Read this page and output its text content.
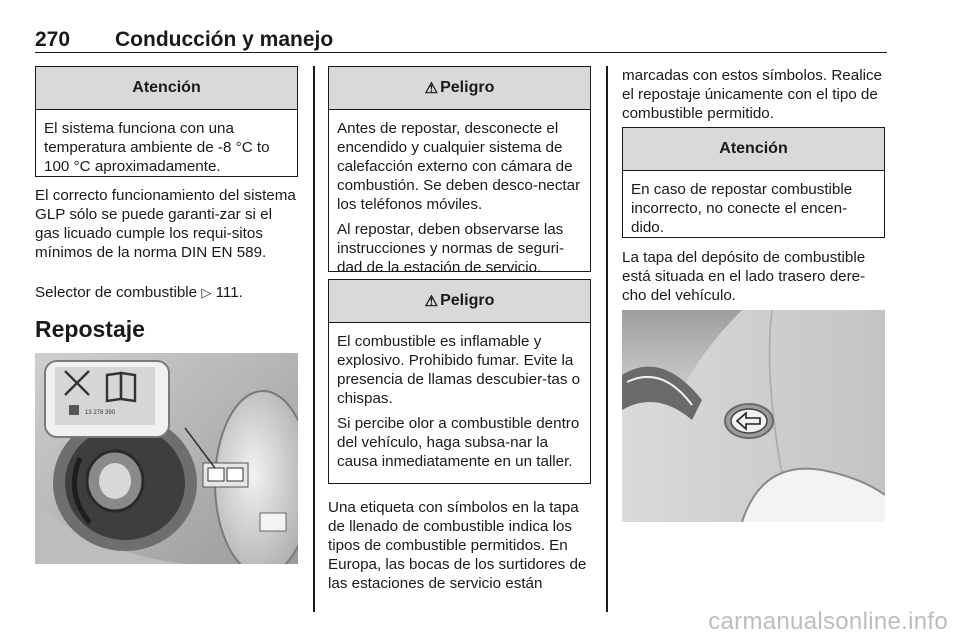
270 Conducción y manejo
Atención

El sistema funciona con una temperatura ambiente de -8 °C to 100 °C aproximadamente.

El correcto funcionamiento del sistema GLP sólo se puede garanti-zar si el gas licuado cumple los requi-sitos mínimos de la norma DIN EN 589.

Selector de combustible ▷ 111.

Repostaje
13 278 390
⚠ Peligro

Antes de repostar, desconecte el encendido y cualquier sistema de calefacción externo con cámara de combustión. Se deben desco-nectar los teléfonos móviles.

Al repostar, deben observarse las instrucciones y normas de seguri-dad de la estación de servicio.

⚠ Peligro

El combustible es inflamable y explosivo. Prohibido fumar. Evite la presencia de llamas descubier-tas o chispas.

Si percibe olor a combustible dentro del vehículo, haga subsa-nar la causa inmediatamente en un taller.

Una etiqueta con símbolos en la tapa de llenado de combustible indica los tipos de combustible permitidos. En Europa, las bocas de los surtidores de las estaciones de servicio están

marcadas con estos símbolos. Realice el repostaje únicamente con el tipo de combustible permitido.

Atención

En caso de repostar combustible incorrecto, no conecte el encen-dido.

La tapa del depósito de combustible está situada en el lado trasero dere-cho del vehículo.

carmanualsonline.info
